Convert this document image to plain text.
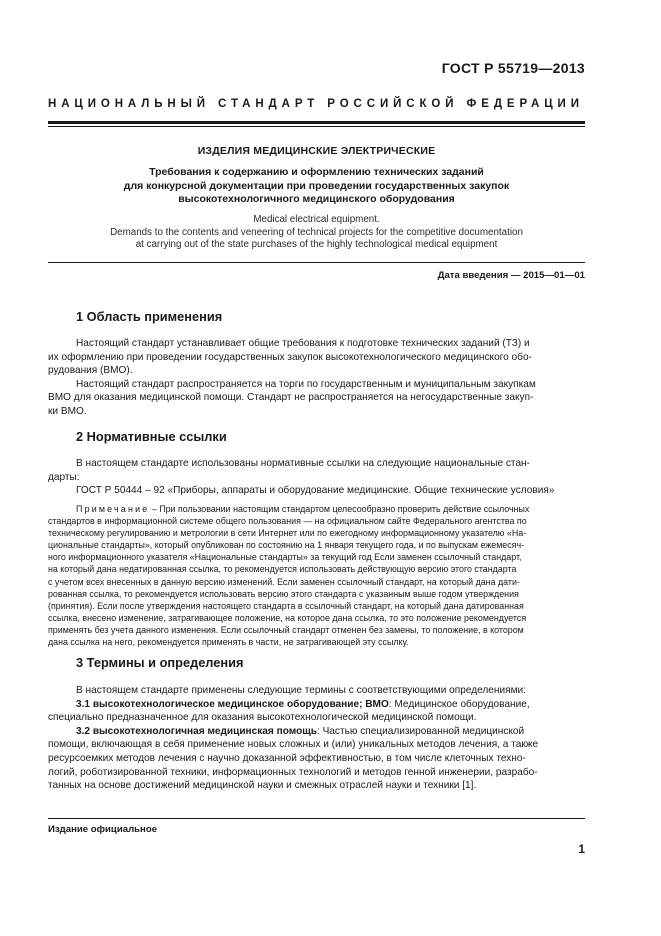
ГОСТ Р 55719—2013
НАЦИОНАЛЬНЫЙ СТАНДАРТ РОССИЙСКОЙ ФЕДЕРАЦИИ
ИЗДЕЛИЯ МЕДИЦИНСКИЕ ЭЛЕКТРИЧЕСКИЕ
Требования к содержанию и оформлению технических заданий
для конкурсной документации при проведении государственных закупок
высокотехнологичного медицинского оборудования
Medical electrical equipment.
Demands to the contents and veneering of technical projects for the competitive documentation
at carrying out of the state purchases of the highly technological medical equipment
Дата введения — 2015—01—01
1 Область применения
Настоящий стандарт устанавливает общие требования к подготовке технических заданий (ТЗ) и
их оформлению при проведении государственных закупок высокотехнологического медицинского обо-
рудования (ВМО).
Настоящий стандарт распространяется на торги по государственным и муниципальным закупкам
ВМО для оказания медицинской помощи. Стандарт не распространяется на негосударственные закуп-
ки ВМО.
2 Нормативные ссылки
В настоящем стандарте использованы нормативные ссылки на следующие национальные стан-
дарты:
ГОСТ Р 50444 – 92 «Приборы, аппараты и оборудование медицинские. Общие технические условия»
Примечание – При пользовании настоящим стандартом целесообразно проверить действие ссылочных
стандартов в информационной системе общего пользования — на официальном сайте Федерального агентства по
техническому регулированию и метрологии в сети Интернет или по ежегодному информационному указателю «На-
циональные стандарты», который опубликован по состоянию на 1 января текущего года, и по выпускам ежемесяч-
ного информационного указателя «Национальные стандарты» за текущий год Если заменен ссылочный стандарт,
на который дана недатированная ссылка, то рекомендуется использовать действующую версию этого стандарта
с учетом всех внесенных в данную версию изменений. Если заменен ссылочный стандарт, на который дана дати-
рованная ссылка, то рекомендуется использовать версию этого стандарта с указанным выше годом утверждения
(принятия). Если после утверждения настоящего стандарта в ссылочный стандарт, на который дана датированная
ссылка, внесено изменение, затрагивающее положение, на которое дана ссылка, то это положение рекомендуется
применять без учета данного изменения. Если ссылочный стандарт отменен без замены, то положение, в котором
дана ссылка на него, рекомендуется применять в части, не затрагивающей эту ссылку.
3 Термины и определения
В настоящем стандарте применены следующие термины с соответствующими определениями:
3.1 высокотехнологическое медицинское оборудование; ВМО: Медицинское оборудование,
специально предназначенное для оказания высокотехнологической медицинской помощи.
3.2 высокотехнологичная медицинская помощь: Частью специализированной медицинской
помощи, включающая в себя применение новых сложных и (или) уникальных методов лечения, а также
ресурсоемких методов лечения с научно доказанной эффективностью, в том числе клеточных техно-
логий, роботизированной техники, информационных технологий и методов генной инженерии, разрабо-
танных на основе достижений медицинской науки и смежных отраслей науки и техники [1].
Издание официальное
1
